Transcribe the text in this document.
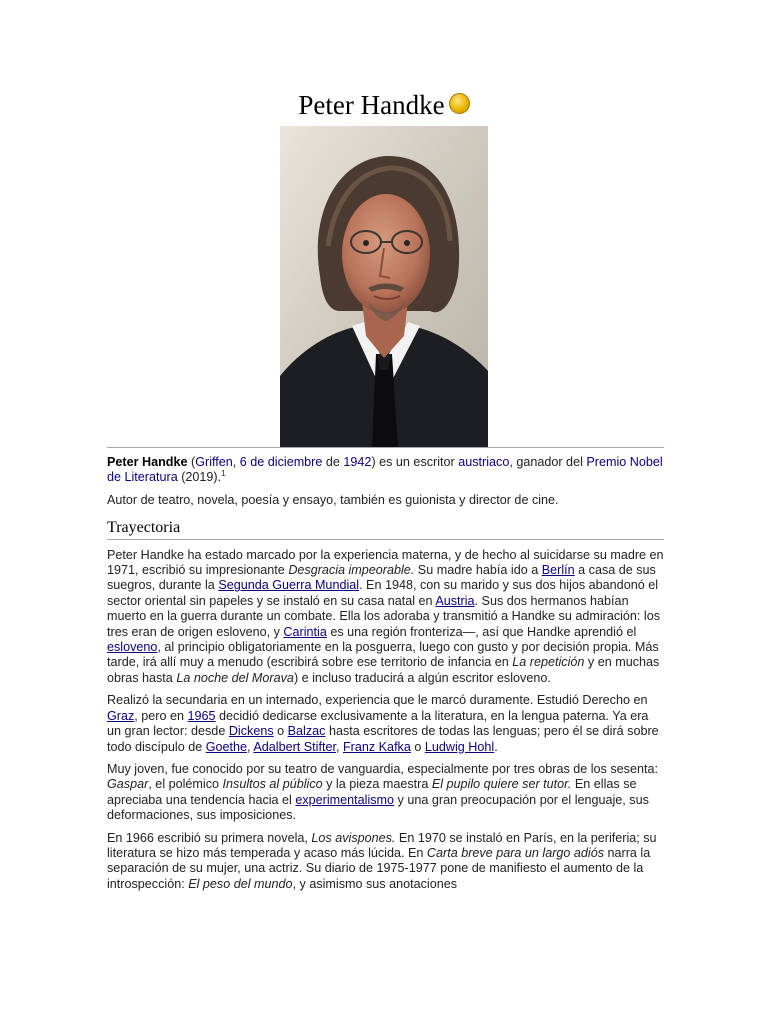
Peter Handke

Peter Handke (Griffen, 6 de diciembre de 1942) es un escritor austriaco, ganador del Premio Nobel de Literatura (2019).$^1$

Autor de teatro, novela, poesía y ensayo, también es guionista y director de cine.

Trayectoria

Peter Handke ha estado marcado por la experiencia materna, y de hecho al suicidarse su madre en 1971, escribió su impresionante Desgracia impeorable. Su madre había ido a Berlín a casa de sus suegros, durante la Segunda Guerra Mundial. En 1948, con su marido y sus dos hijos abandonó el sector oriental sin papeles y se instaló en su casa natal en Austria. Sus dos hermanos habían muerto en la guerra durante un combate. Ella los adoraba y transmitió a Handke su admiración: los tres eran de origen esloveno, y Carintia es una región fronteriza—, así que Handke aprendió el esloveno, al principio obligatoriamente en la posguerra, luego con gusto y por decisión propia. Más tarde, irá allí muy a menudo (escribirá sobre ese territorio de infancia en La repetición y en muchas obras hasta La noche del Morava) e incluso traducirá a algún escritor esloveno.

Realizó la secundaria en un internado, experiencia que le marcó duramente. Estudió Derecho en Graz, pero en 1965 decidió dedicarse exclusivamente a la literatura, en la lengua paterna. Ya era un gran lector: desde Dickens o Balzac hasta escritores de todas las lenguas; pero él se dirá sobre todo discípulo de Goethe, Adalbert Stifter, Franz Kafka o Ludwig Hohl.

Muy joven, fue conocido por su teatro de vanguardia, especialmente por tres obras de los sesenta: Gaspar, el polémico Insultos al público y la pieza maestra El pupilo quiere ser tutor. En ellas se apreciaba una tendencia hacia el experimentalismo y una gran preocupación por el lenguaje, sus deformaciones, sus imposiciones.

En 1966 escribió su primera novela, Los avispones. En 1970 se instaló en París, en la periferia; su literatura se hizo más temperada y acaso más lúcida. En Carta breve para un largo adiós narra la separación de su mujer, una actriz. Su diario de 1975-1977 pone de manifiesto el aumento de la introspección: El peso del mundo, y asimismo sus anotaciones
